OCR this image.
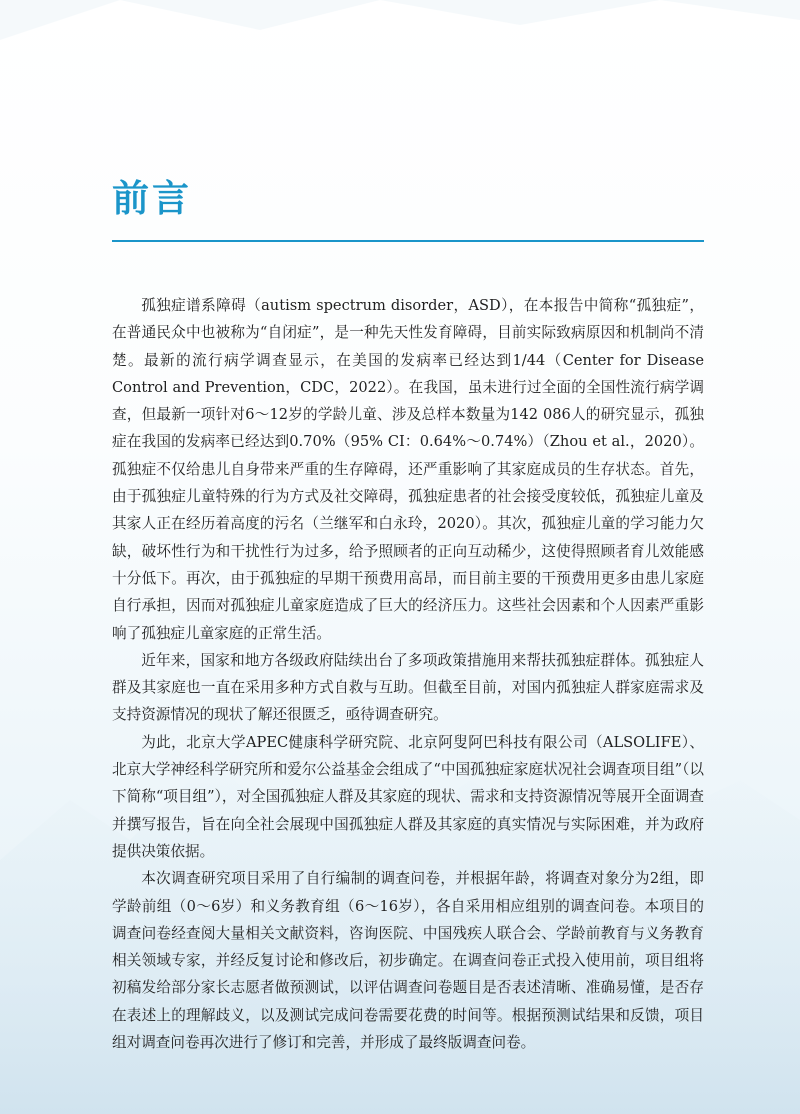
前言

孤独症谱系障碍（autism spectrum disorder，ASD），在本报告中简称“孤独症”，在普通民众中也被称为“自闭症”，是一种先天性发育障碍，目前实际致病原因和机制尚不清楚。最新的流行病学调查显示，在美国的发病率已经达到1/44（Center for Disease Control and Prevention，CDC，2022）。在我国，虽未进行过全面的全国性流行病学调查，但最新一项针对6～12岁的学龄儿童、涉及总样本数量为142 086人的研究显示，孤独症在我国的发病率已经达到0.70%（95% CI：0.64%～0.74%）（Zhou et al.，2020）。孤独症不仅给患儿自身带来严重的生存障碍，还严重影响了其家庭成员的生存状态。首先，由于孤独症儿童特殊的行为方式及社交障碍，孤独症患者的社会接受度较低，孤独症儿童及其家人正在经历着高度的污名（兰继军和白永玲，2020）。其次，孤独症儿童的学习能力欠缺，破坏性行为和干扰性行为过多，给予照顾者的正向互动稀少，这使得照顾者育儿效能感十分低下。再次，由于孤独症的早期干预费用高昂，而目前主要的干预费用更多由患儿家庭自行承担，因而对孤独症儿童家庭造成了巨大的经济压力。这些社会因素和个人因素严重影响了孤独症儿童家庭的正常生活。

近年来，国家和地方各级政府陆续出台了多项政策措施用来帮扶孤独症群体。孤独症人群及其家庭也一直在采用多种方式自救与互助。但截至目前，对国内孤独症人群家庭需求及支持资源情况的现状了解还很匮乏，亟待调查研究。

为此，北京大学APEC健康科学研究院、北京阿叟阿巴科技有限公司（ALSOLIFE）、北京大学神经科学研究所和爱尔公益基金会组成了“中国孤独症家庭状况社会调查项目组”（以下简称“项目组”），对全国孤独症人群及其家庭的现状、需求和支持资源情况等展开全面调查并撰写报告，旨在向全社会展现中国孤独症人群及其家庭的真实情况与实际困难，并为政府提供决策依据。

本次调查研究项目采用了自行编制的调查问卷，并根据年龄，将调查对象分为2组，即学龄前组（0～6岁）和义务教育组（6～16岁），各自采用相应组别的调查问卷。本项目的调查问卷经查阅大量相关文献资料，咨询医院、中国残疾人联合会、学龄前教育与义务教育相关领域专家，并经反复讨论和修改后，初步确定。在调查问卷正式投入使用前，项目组将初稿发给部分家长志愿者做预测试，以评估调查问卷题目是否表述清晰、准确易懂，是否存在表述上的理解歧义，以及测试完成问卷需要花费的时间等。根据预测试结果和反馈，项目组对调查问卷再次进行了修订和完善，并形成了最终版调查问卷。
